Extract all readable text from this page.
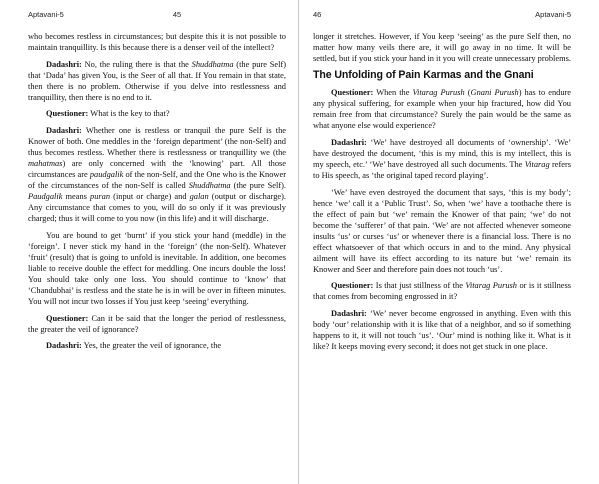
Aptavani-5	45

who becomes restless in circumstances; but despite this it is not possible to maintain tranquillity. Is this because there is a denser veil of the intellect?

Dadashri: No, the ruling there is that the Shuddhatma (the pure Self) that ‘Dada’ has given You, is the Seer of all that. If You remain in that state, then there is no problem. Otherwise if you delve into restlessness and tranquillity, then there is no end to it.

Questioner: What is the key to that?

Dadashri: Whether one is restless or tranquil the pure Self is the Knower of both. One meddles in the ‘foreign department’ (the non-Self) and thus becomes restless. Whether there is restlessness or tranquillity we (the mahatmas) are only concerned with the ‘knowing’ part. All those circumstances are paudgalik of the non-Self, and the One who is the Knower of the circumstances of the non-Self is called Shuddhatma (the pure Self). Paudgalik means puran (input or charge) and galan (output or discharge). Any circumstance that comes to you, will do so only if it was previously charged; thus it will come to you now (in this life) and it will discharge.

You are bound to get ‘burnt’ if you stick your hand (meddle) in the ‘foreign’. I never stick my hand in the ‘foreign’ (the non-Self). Whatever ‘fruit’ (result) that is going to unfold is inevitable. In addition, one becomes liable to receive double the effect for meddling. One incurs double the loss! You should take only one loss. You should continue to ‘know’ that ‘Chandubhai’ is restless and the state he is in will be over in fifteen minutes. You will not incur two losses if You just keep ‘seeing’ everything.

Questioner: Can it be said that the longer the period of restlessness, the greater the veil of ignorance?

Dadashri: Yes, the greater the veil of ignorance, the

46	Aptavani-5

longer it stretches. However, if You keep ‘seeing’ as the pure Self then, no matter how many veils there are, it will go away in no time. It will be settled, but if you stick your hand in it you will create unnecessary problems.

The Unfolding of Pain Karmas and the Gnani

Questioner: When the Vitarag Purush (Gnani Purush) has to endure any physical suffering, for example when your hip fractured, how did You remain free from that circumstance? Surely the pain would be the same as what anyone else would experience?

Dadashri: ‘We’ have destroyed all documents of ‘ownership’. ‘We’ have destroyed the document, ‘this is my mind, this is my intellect, this is my speech, etc.’ ‘We’ have destroyed all such documents. The Vitarag refers to His speech, as ‘the original taped record playing’.

‘We’ have even destroyed the document that says, ‘this is my body’; hence ‘we’ call it a ‘Public Trust’. So, when ‘we’ have a toothache there is the effect of pain but ‘we’ remain the Knower of that pain; ‘we’ do not become the ‘sufferer’ of that pain. ‘We’ are not affected whenever someone insults ‘us’ or curses ‘us’ or whenever there is a financial loss. There is no effect whatsoever of that which occurs in and to the mind. Any physical ailment will have its effect according to its nature but ‘we’ remain its Knower and Seer and therefore pain does not touch ‘us’.

Questioner: Is that just stillness of the Vitarag Purush or is it stillness that comes from becoming engrossed in it?

Dadashri: ‘We’ never become engrossed in anything. Even with this body ‘our’ relationship with it is like that of a neighbor, and so if something happens to it, it will not touch ‘us’. ‘Our’ mind is nothing like it. What is it like? It keeps moving every second; it does not get stuck in one place.
